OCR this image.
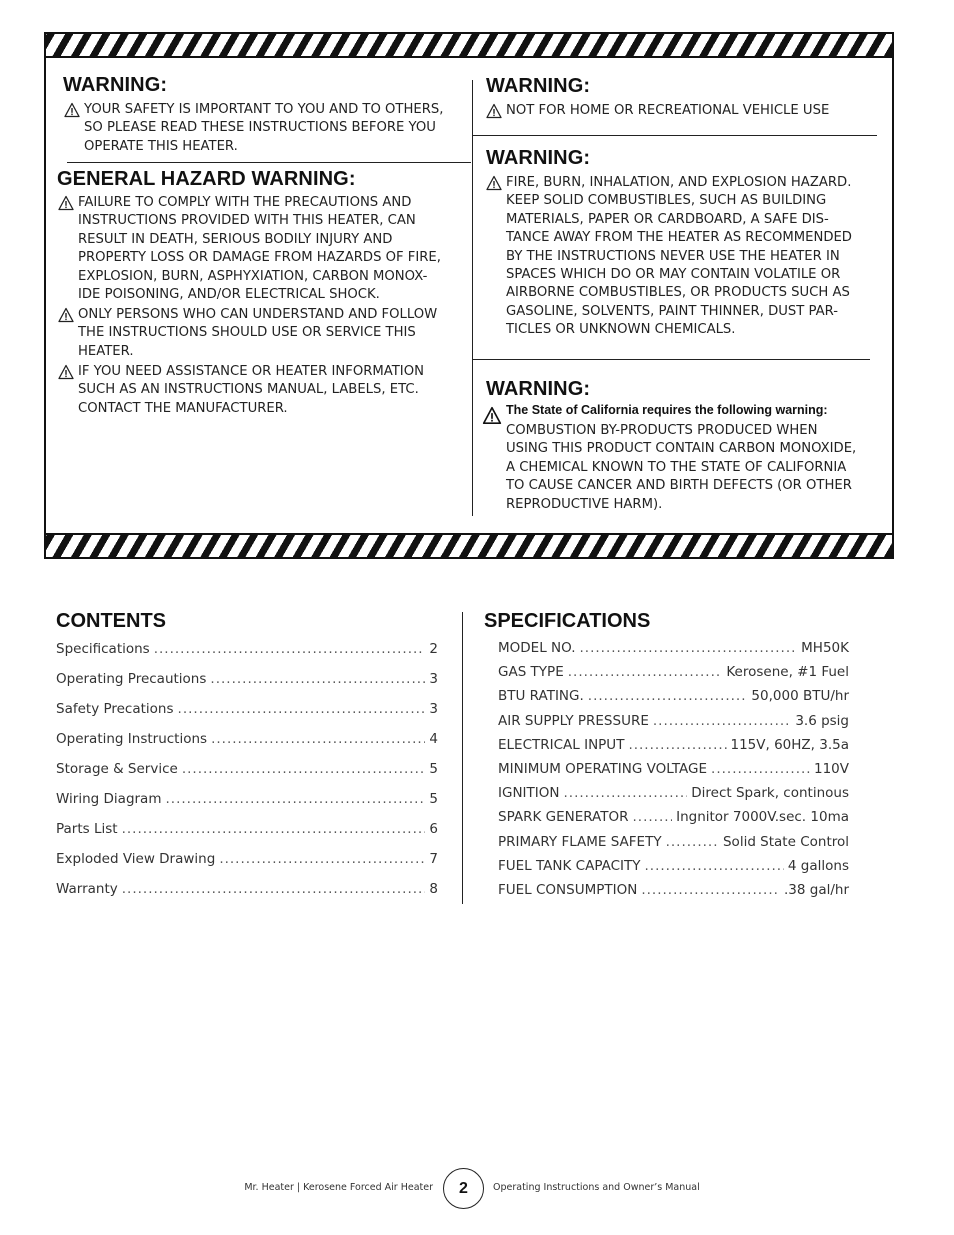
WARNING:
YOUR SAFETY IS IMPORTANT TO YOU AND TO OTHERS,
SO PLEASE READ THESE INSTRUCTIONS BEFORE YOU
OPERATE THIS HEATER.
GENERAL HAZARD WARNING:
FAILURE TO COMPLY WITH THE PRECAUTIONS AND
INSTRUCTIONS PROVIDED WITH THIS HEATER, CAN
RESULT IN DEATH, SERIOUS BODILY INJURY AND
PROPERTY LOSS OR DAMAGE FROM HAZARDS OF FIRE,
EXPLOSION, BURN, ASPHYXIATION, CARBON MONOX-
IDE POISONING, AND/OR ELECTRICAL SHOCK.
ONLY PERSONS WHO CAN UNDERSTAND AND FOLLOW
THE INSTRUCTIONS SHOULD USE OR SERVICE THIS
HEATER.
IF YOU NEED ASSISTANCE OR HEATER INFORMATION
SUCH AS AN INSTRUCTIONS MANUAL, LABELS, ETC.
CONTACT THE MANUFACTURER.
WARNING:
NOT FOR HOME OR RECREATIONAL VEHICLE USE
WARNING:
FIRE, BURN, INHALATION, AND EXPLOSION HAZARD.
KEEP SOLID COMBUSTIBLES, SUCH AS BUILDING
MATERIALS, PAPER OR CARDBOARD, A SAFE DIS-
TANCE AWAY FROM THE HEATER AS RECOMMENDED
BY THE INSTRUCTIONS NEVER USE THE HEATER IN
SPACES WHICH DO OR MAY CONTAIN VOLATILE OR
AIRBORNE COMBUSTIBLES, OR PRODUCTS SUCH AS
GASOLINE, SOLVENTS, PAINT THINNER, DUST PAR-
TICLES OR UNKNOWN CHEMICALS.
WARNING:
The State of California requires the following warning:
COMBUSTION BY-PRODUCTS PRODUCED WHEN
USING THIS PRODUCT CONTAIN CARBON MONOXIDE,
A CHEMICAL KNOWN TO THE STATE OF CALIFORNIA
TO CAUSE CANCER AND BIRTH DEFECTS (OR OTHER
REPRODUCTIVE HARM).
CONTENTS
Specifications .....	2
Operating Precautions .....	3
Safety Precations .....	3
Operating Instructions .....	4
Storage & Service .....	5
Wiring Diagram .....	5
Parts List .....	6
Exploded View Drawing .....	7
Warranty .....	8
SPECIFICATIONS
MODEL NO. .....	MH50K
GAS TYPE .....	Kerosene, #1 Fuel
BTU RATING. .....	50,000 BTU/hr
AIR SUPPLY PRESSURE .....	3.6 psig
ELECTRICAL INPUT .....	115V, 60HZ, 3.5a
MINIMUM OPERATING VOLTAGE .....	110V
IGNITION .....	Direct Spark, continous
SPARK GENERATOR .....	Ingnitor 7000V.sec. 10ma
PRIMARY FLAME SAFETY .....	Solid State Control
FUEL TANK CAPACITY .....	4 gallons
FUEL CONSUMPTION .....	.38 gal/hr
Mr. Heater | Kerosene Forced Air Heater	2	Operating Instructions and Owner’s Manual
